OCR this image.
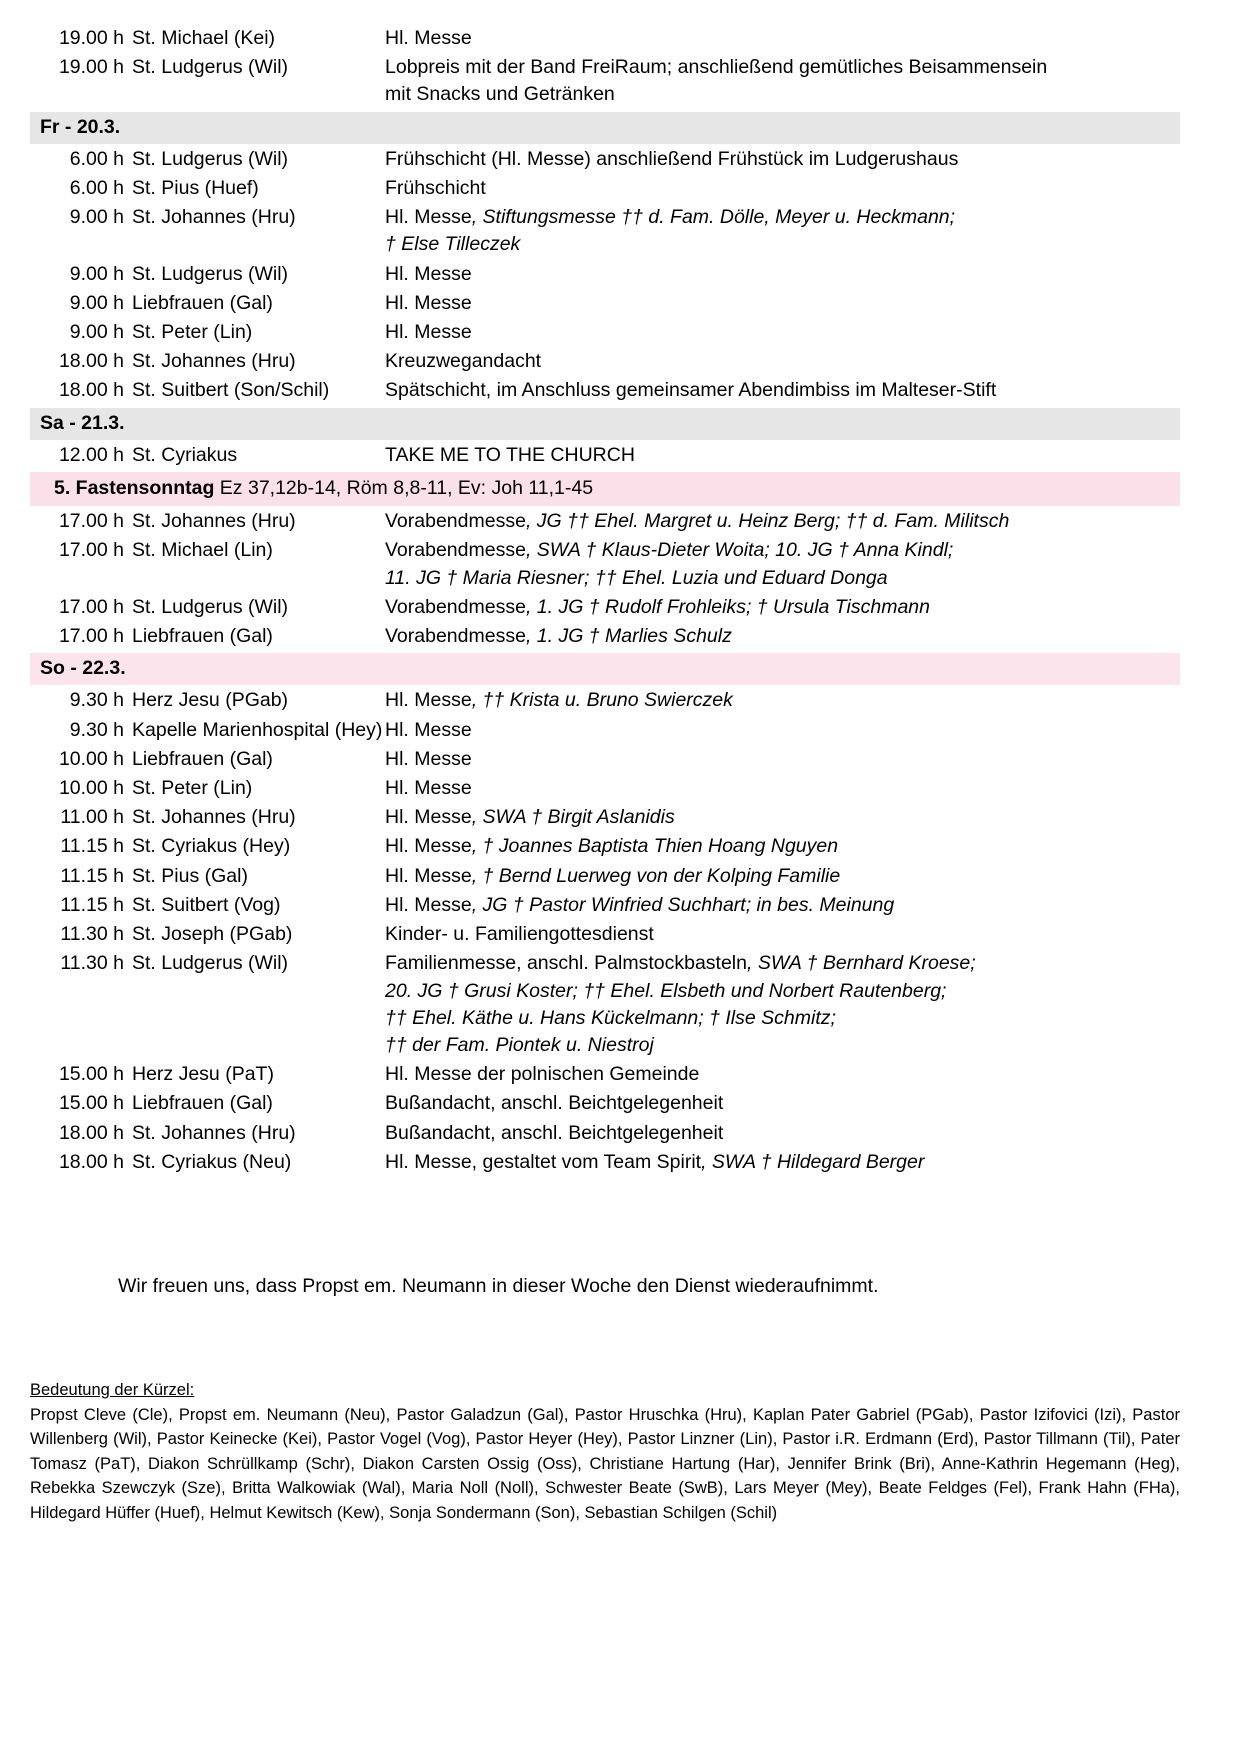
19.00 h St. Michael (Kei)	Hl. Messe
19.00 h St. Ludgerus (Wil)	Lobpreis mit der Band FreiRaum; anschließend gemütliches Beisammensein
mit Snacks und Getränken
Fr - 20.3.
6.00 h St. Ludgerus (Wil)	Frühschicht (Hl. Messe) anschließend Frühstück im Ludgerushaus
6.00 h St. Pius (Huef)	Frühschicht
9.00 h St. Johannes (Hru)	Hl. Messe, Stiftungsmesse †† d. Fam. Dölle, Meyer u. Heckmann;
† Else Tilleczek
9.00 h St. Ludgerus (Wil)	Hl. Messe
9.00 h Liebfrauen (Gal)	Hl. Messe
9.00 h St. Peter (Lin)	Hl. Messe
18.00 h St. Johannes (Hru)	Kreuzwegandacht
18.00 h St. Suitbert (Son/Schil)	Spätschicht, im Anschluss gemeinsamer Abendimbiss im Malteser-Stift
Sa - 21.3.
12.00 h St. Cyriakus	TAKE ME TO THE CHURCH
5. Fastensonntag Ez 37,12b-14, Röm 8,8-11, Ev: Joh 11,1-45
17.00 h St. Johannes (Hru)	Vorabendmesse, JG †† Ehel. Margret u. Heinz Berg; †† d. Fam. Militsch
17.00 h St. Michael (Lin)	Vorabendmesse, SWA † Klaus-Dieter Woita; 10. JG † Anna Kindl;
11. JG † Maria Riesner; †† Ehel. Luzia und Eduard Donga
17.00 h St. Ludgerus (Wil)	Vorabendmesse, 1. JG † Rudolf Frohleiks; † Ursula Tischmann
17.00 h Liebfrauen (Gal)	Vorabendmesse, 1. JG † Marlies Schulz
So - 22.3.
9.30 h Herz Jesu (PGab)	Hl. Messe, †† Krista u. Bruno Swierczek
9.30 h Kapelle Marienhospital (Hey) Hl. Messe
10.00 h Liebfrauen (Gal)	Hl. Messe
10.00 h St. Peter (Lin)	Hl. Messe
11.00 h St. Johannes (Hru)	Hl. Messe, SWA † Birgit Aslanidis
11.15 h St. Cyriakus (Hey)	Hl. Messe, † Joannes Baptista Thien Hoang Nguyen
11.15 h St. Pius (Gal)	Hl. Messe, † Bernd Luerweg von der Kolping Familie
11.15 h St. Suitbert (Vog)	Hl. Messe, JG † Pastor Winfried Suchhart; in bes. Meinung
11.30 h St. Joseph (PGab)	Kinder- u. Familiengottesdienst
11.30 h St. Ludgerus (Wil)	Familienmesse, anschl. Palmstockbasteln, SWA † Bernhard Kroese;
20. JG † Grusi Koster; †† Ehel. Elsbeth und Norbert Rautenberg;
†† Ehel. Käthe u. Hans Kückelmann; † Ilse Schmitz;
†† der Fam. Piontek u. Niestroj
15.00 h Herz Jesu (PaT)	Hl. Messe der polnischen Gemeinde
15.00 h Liebfrauen (Gal)	Bußandacht, anschl. Beichtgelegenheit
18.00 h St. Johannes (Hru)	Bußandacht, anschl. Beichtgelegenheit
18.00 h St. Cyriakus (Neu)	Hl. Messe, gestaltet vom Team Spirit, SWA † Hildegard Berger
Wir freuen uns, dass Propst em. Neumann in dieser Woche den Dienst wiederaufnimmt.
Bedeutung der Kürzel:
Propst Cleve (Cle), Propst em. Neumann (Neu), Pastor Galadzun (Gal), Pastor Hruschka (Hru), Kaplan Pater Gabriel (PGab), Pastor Izifovici (Izi), Pastor Willenberg (Wil), Pastor Keinecke (Kei), Pastor Vogel (Vog), Pastor Heyer (Hey), Pastor Linzner (Lin), Pastor i.R. Erdmann (Erd), Pastor Tillmann (Til), Pater Tomasz (PaT), Diakon Schrüllkamp (Schr), Diakon Carsten Ossig (Oss), Christiane Hartung (Har), Jennifer Brink (Bri), Anne-Kathrin Hegemann (Heg), Rebekka Szewczyk (Sze), Britta Walkowiak (Wal), Maria Noll (Noll), Schwester Beate (SwB), Lars Meyer (Mey), Beate Feldges (Fel), Frank Hahn (FHa), Hildegard Hüffer (Huef), Helmut Kewitsch (Kew), Sonja Sondermann (Son), Sebastian Schilgen (Schil)
